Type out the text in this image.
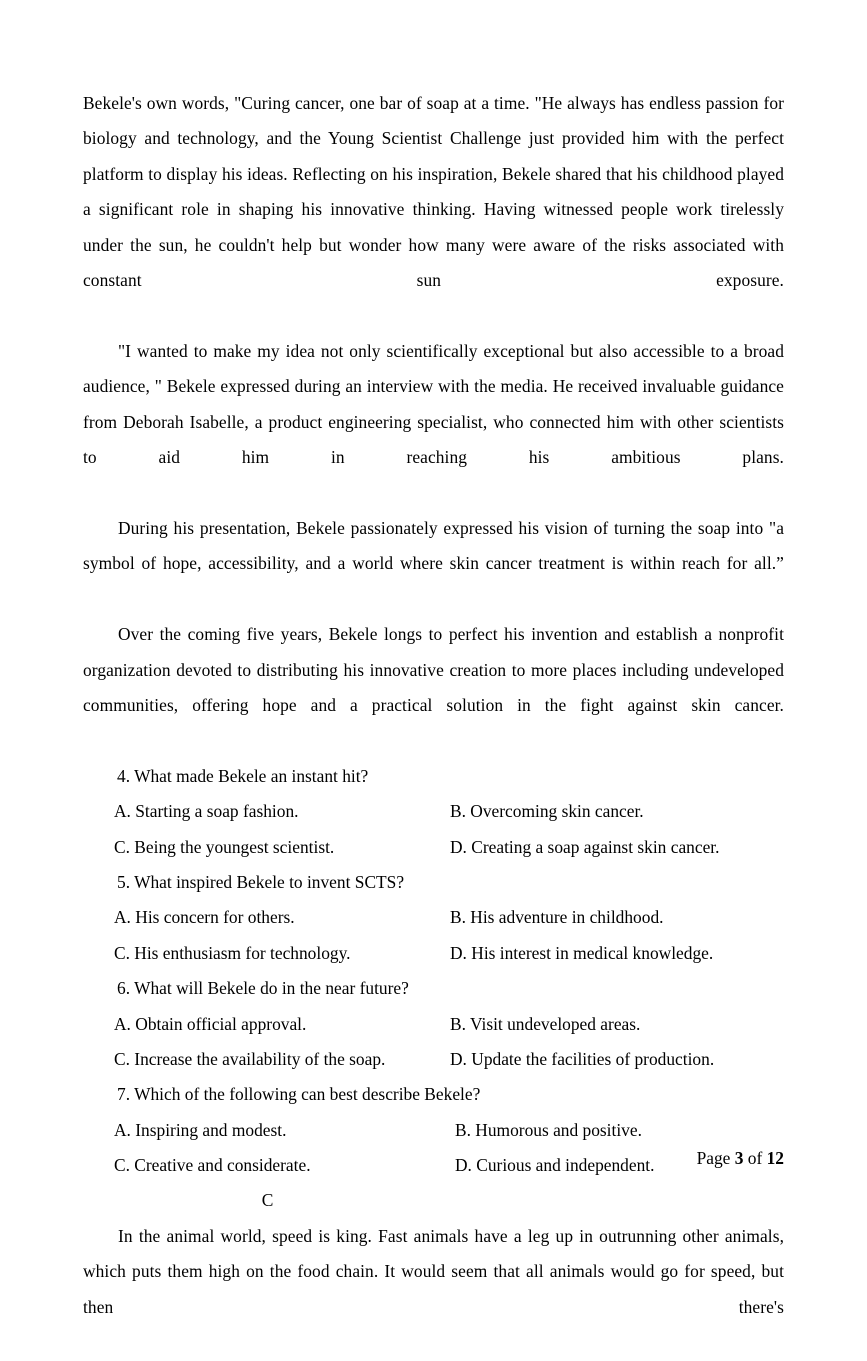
Bekele's own words, "Curing cancer, one bar of soap at a time. "He always has endless passion for biology and technology, and the Young Scientist Challenge just provided him with the perfect platform to display his ideas. Reflecting on his inspiration, Bekele shared that his childhood played a significant role in shaping his innovative thinking. Having witnessed people work tirelessly under the sun, he couldn't help but wonder how many were aware of the risks associated with constant sun exposure.

"I wanted to make my idea not only scientifically exceptional but also accessible to a broad audience, " Bekele expressed during an interview with the media. He received invaluable guidance from Deborah Isabelle, a product engineering specialist, who connected him with other scientists to aid him in reaching his ambitious plans.

During his presentation, Bekele passionately expressed his vision of turning the soap into "a symbol of hope, accessibility, and a world where skin cancer treatment is within reach for all.”

Over the coming five years, Bekele longs to perfect his invention and establish a nonprofit organization devoted to distributing his innovative creation to more places including undeveloped communities, offering hope and a practical solution in the fight against skin cancer.

4. What made Bekele an instant hit?

A. Starting a soap fashion.	B. Overcoming skin cancer.
C. Being the youngest scientist.	D. Creating a soap against skin cancer.

5. What inspired Bekele to invent SCTS?

A. His concern for others.	B. His adventure in childhood.
C. His enthusiasm for technology.	D. His interest in medical knowledge.

6. What will Bekele do in the near future?

A. Obtain official approval.	B. Visit undeveloped areas.
C. Increase the availability of the soap.	D. Update the facilities of production.

7. Which of the following can best describe Bekele?

A. Inspiring and modest.	B. Humorous and positive.
C. Creative and considerate.	D. Curious and independent.

C

In the animal world, speed is king. Fast animals have a leg up in outrunning other animals, which puts them high on the food chain. It would seem that all animals would go for speed, but then there's

Page 3 of 12
